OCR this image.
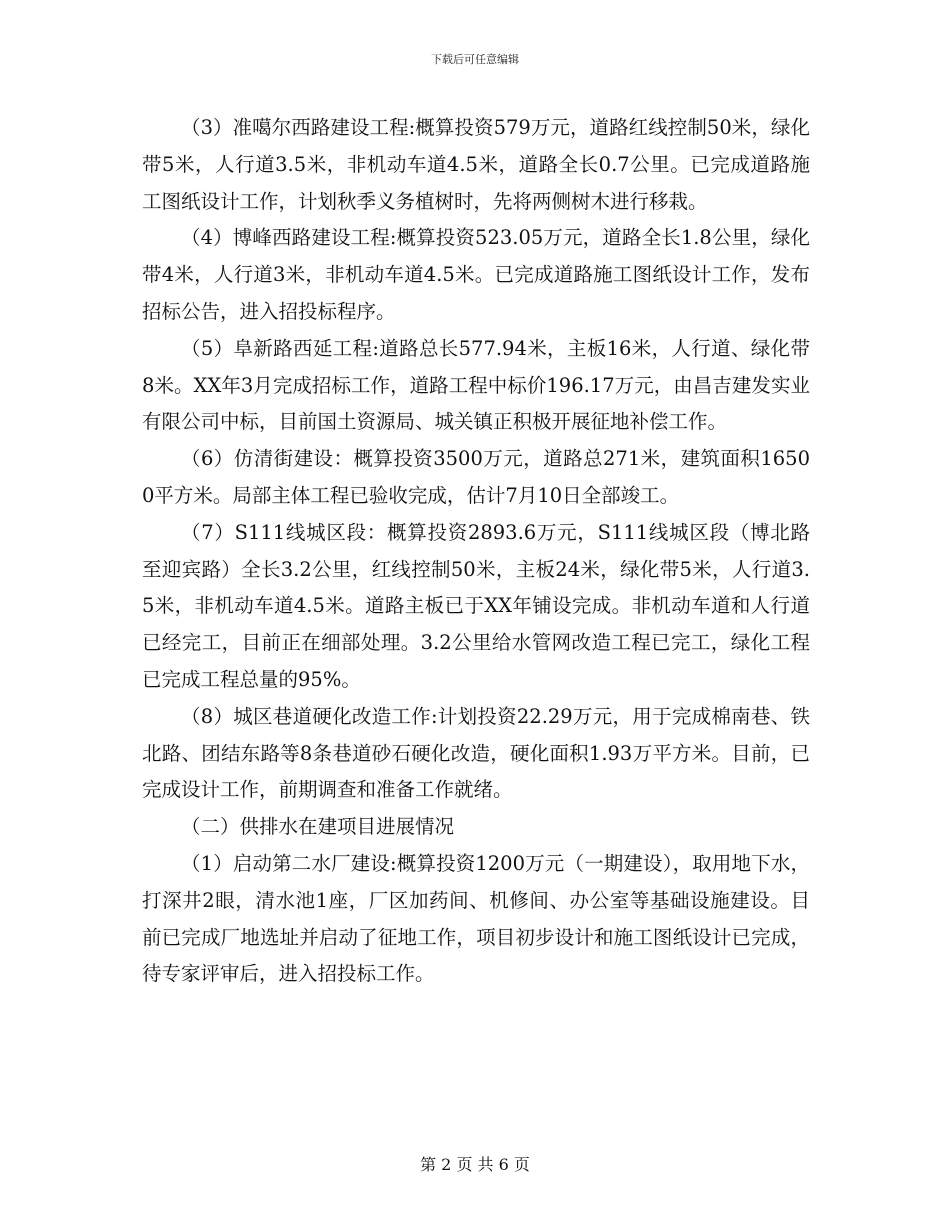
下载后可任意编辑

（3）准噶尔西路建设工程:概算投资579万元，道路红线控制50米，绿化带5米，人行道3.5米，非机动车道4.5米，道路全长0.7公里。已完成道路施工图纸设计工作，计划秋季义务植树时，先将两侧树木进行移栽。

（4）博峰西路建设工程:概算投资523.05万元，道路全长1.8公里，绿化带4米，人行道3米，非机动车道4.5米。已完成道路施工图纸设计工作，发布招标公告，进入招投标程序。

（5）阜新路西延工程:道路总长577.94米，主板16米，人行道、绿化带8米。XX年3月完成招标工作，道路工程中标价196.17万元，由昌吉建发实业有限公司中标，目前国土资源局、城关镇正积极开展征地补偿工作。

（6）仿清街建设：概算投资3500万元，道路总271米，建筑面积16500平方米。局部主体工程已验收完成，估计7月10日全部竣工。

（7）S111线城区段：概算投资2893.6万元，S111线城区段（博北路至迎宾路）全长3.2公里，红线控制50米，主板24米，绿化带5米，人行道3.5米，非机动车道4.5米。道路主板已于XX年铺设完成。非机动车道和人行道已经完工，目前正在细部处理。3.2公里给水管网改造工程已完工，绿化工程已完成工程总量的95%。

（8）城区巷道硬化改造工作:计划投资22.29万元，用于完成棉南巷、铁北路、团结东路等8条巷道砂石硬化改造，硬化面积1.93万平方米。目前，已完成设计工作，前期调查和准备工作就绪。

（二）供排水在建项目进展情况

（1）启动第二水厂建设:概算投资1200万元（一期建设），取用地下水，打深井2眼，清水池1座，厂区加药间、机修间、办公室等基础设施建设。目前已完成厂地选址并启动了征地工作，项目初步设计和施工图纸设计已完成，待专家评审后，进入招投标工作。

第 2 页 共 6 页
